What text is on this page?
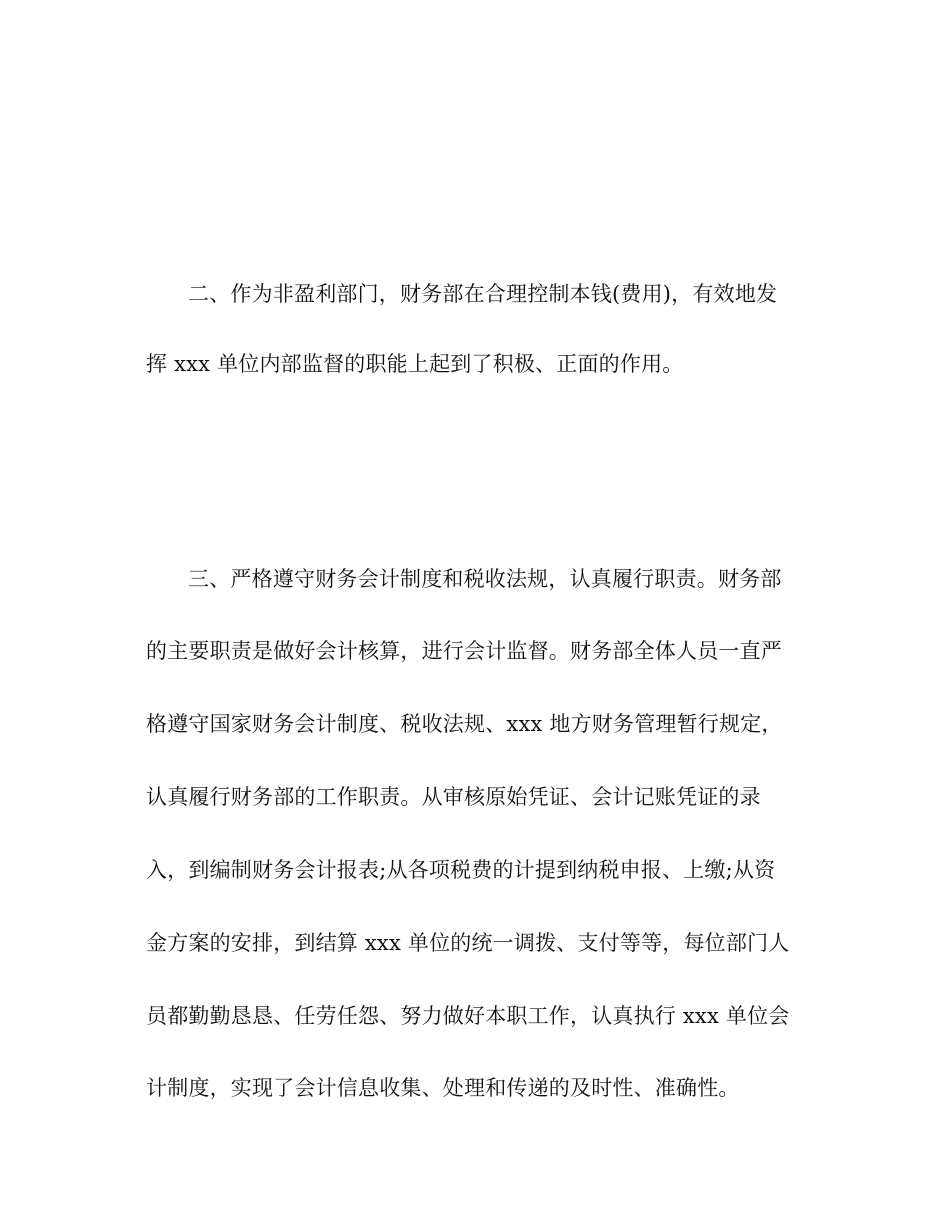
二、作为非盈利部门，财务部在合理控制本钱(费用)，有效地发
挥 xxx 单位内部监督的职能上起到了积极、正面的作用。
三、严格遵守财务会计制度和税收法规，认真履行职责。财务部
的主要职责是做好会计核算，进行会计监督。财务部全体人员一直严
格遵守国家财务会计制度、税收法规、xxx 地方财务管理暂行规定，
认真履行财务部的工作职责。从审核原始凭证、会计记账凭证的录
入，到编制财务会计报表;从各项税费的计提到纳税申报、上缴;从资
金方案的安排，到结算 xxx 单位的统一调拨、支付等等，每位部门人
员都勤勤恳恳、任劳任怨、努力做好本职工作，认真执行 xxx 单位会
计制度，实现了会计信息收集、处理和传递的及时性、准确性。
